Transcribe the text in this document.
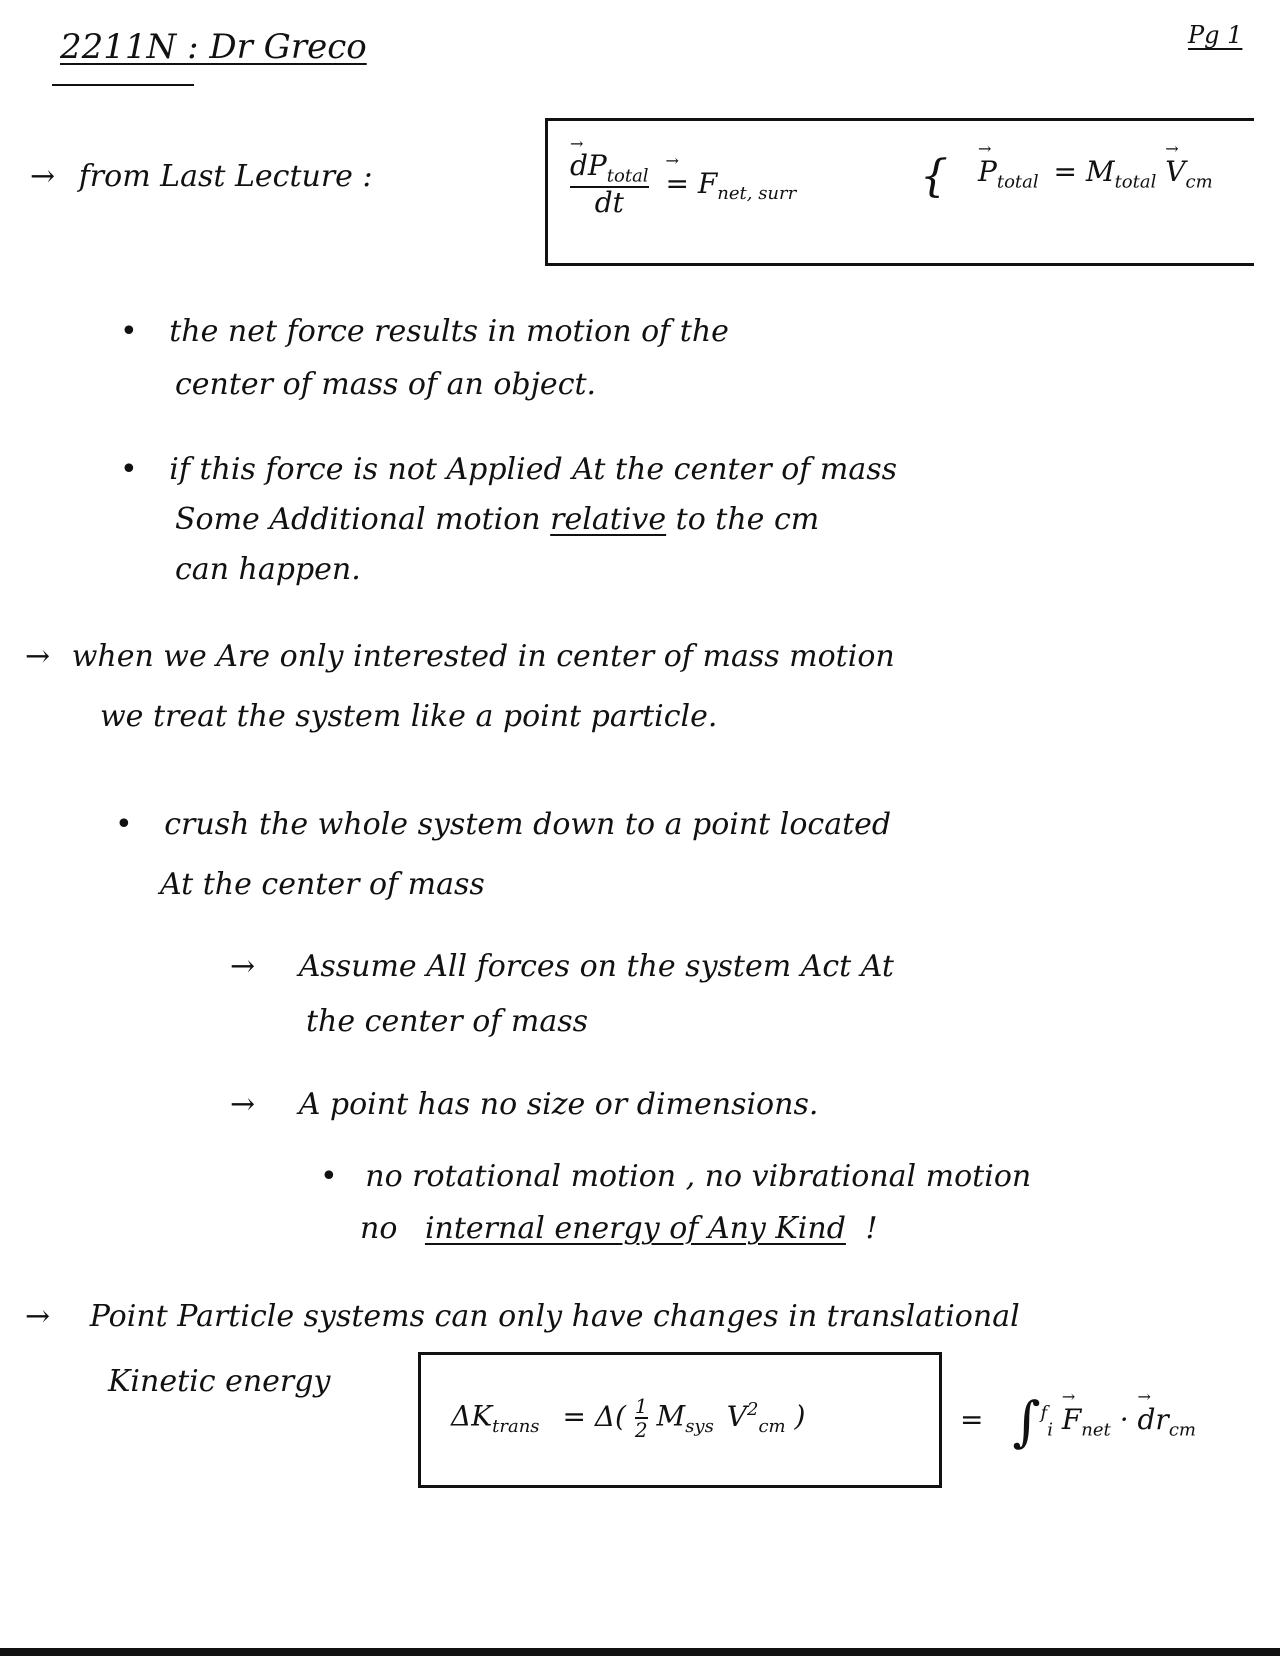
2211N : Dr Greco	Pg 1
→ from Last Lecture :	→ $\frac{dP_{total}}{dt}$ → = $F_{net, surr}$	{ → $P_{total} = M_{total} \to V_{cm}$
• the net force results in motion of the
center of mass of an object.
• if this force is not Applied At the center of mass
Some Additional motion relative to the cm
can happen.
→ when we Are only interested in center of mass motion
we treat the system like a point particle.
• crush the whole system down to a point located
At the center of mass
→ Assume All forces on the system Act At
the center of mass
→ A point has no size or dimensions.
• no rotational motion , no vibrational motion
no internal energy of Any Kind !
→ Point Particle systems can only have changes in translational
Kinetic energy
$\Delta K_{trans} = \Delta( \frac{1}{2} M_{sys}$ $V^2_{cm}$ )	= $\int^f_i \to F_{net}$ · → $dr_{cm}$
